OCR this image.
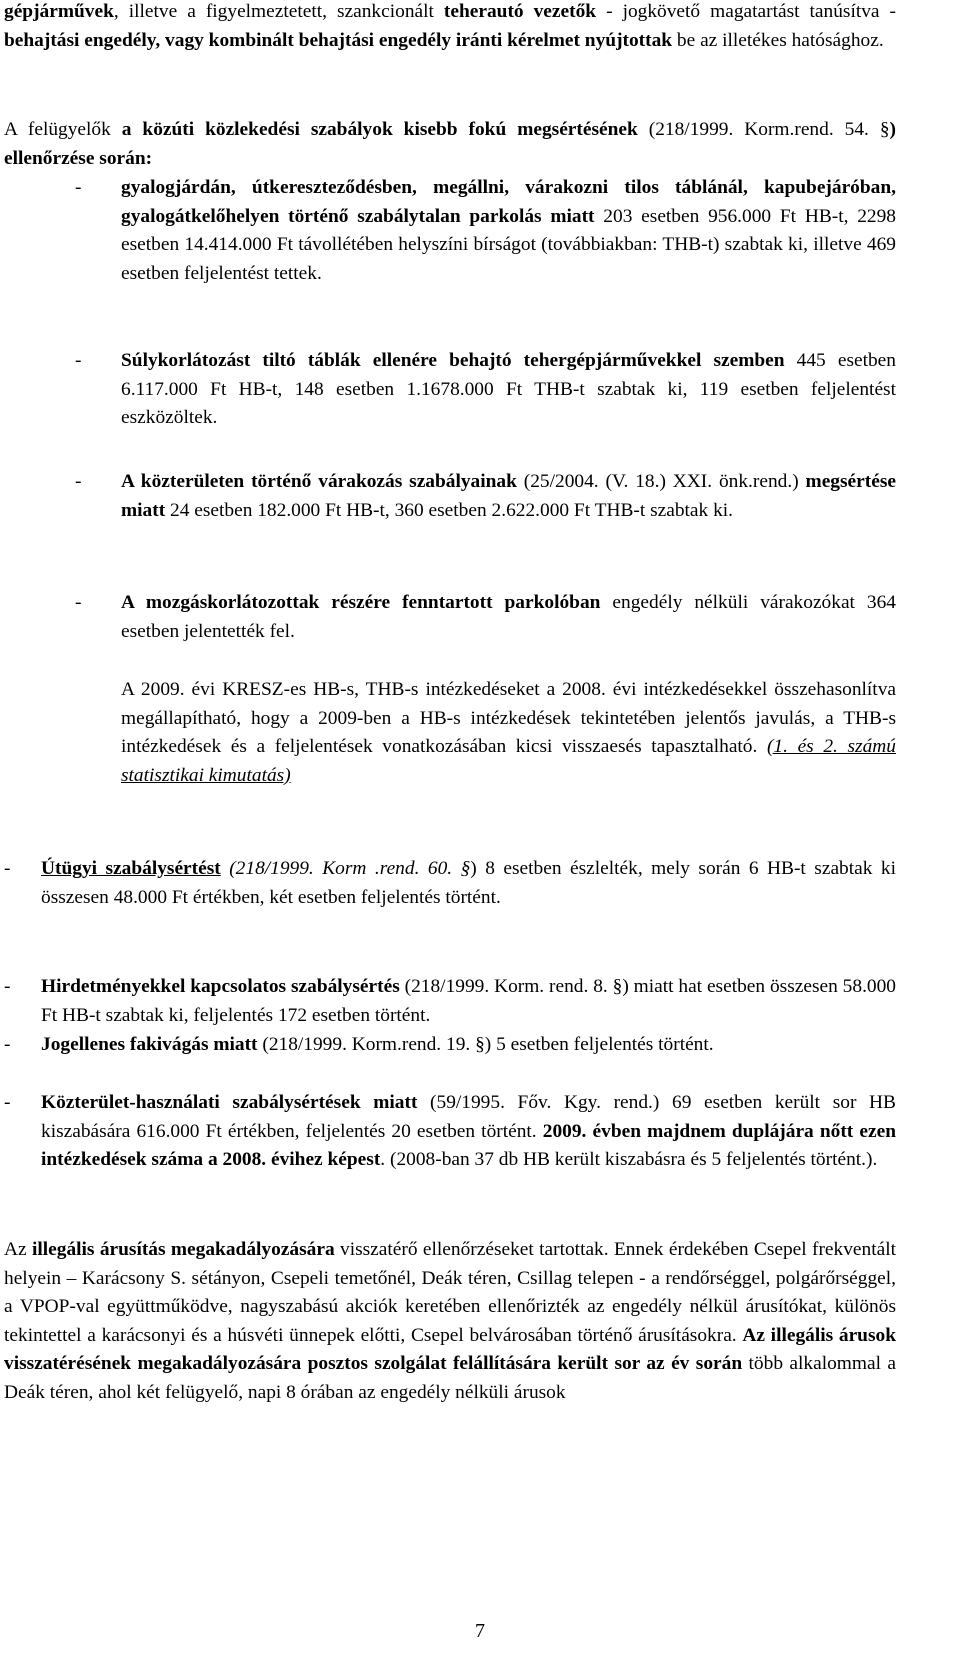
gépjárművek, illetve a figyelmeztetett, szankcionált teherautó vezetők - jogkövető magatartást tanúsítva - behajtási engedély, vagy kombinált behajtási engedély iránti kérelmet nyújtottak be az illetékes hatósághoz.

A felügyelők a közúti közlekedési szabályok kisebb fokú megsértésének (218/1999. Korm.rend. 54. §) ellenőrzése során:

- gyalogjárdán, útkereszteződésben, megállni, várakozni tilos táblánál, kapubejáróban, gyalogátkelőhelyen történő szabálytalan parkolás miatt 203 esetben 956.000 Ft HB-t, 2298 esetben 14.414.000 Ft távollétében helyszíni bírságot (továbbiakban: THB-t) szabtak ki, illetve 469 esetben feljelentést tettek.

- Súlykorlátozást tiltó táblák ellenére behajtó tehergépjárművekkel szemben 445 esetben 6.117.000 Ft HB-t, 148 esetben 1.1678.000 Ft THB-t szabtak ki, 119 esetben feljelentést eszközöltek.

- A közterületen történő várakozás szabályainak (25/2004. (V. 18.) XXI. önk.rend.) megsértése miatt 24 esetben 182.000 Ft HB-t, 360 esetben 2.622.000 Ft THB-t szabtak ki.

- A mozgáskorlátozottak részére fenntartott parkolóban engedély nélküli várakozókat 364 esetben jelentették fel.

A 2009. évi KRESZ-es HB-s, THB-s intézkedéseket a 2008. évi intézkedésekkel összehasonlítva megállapítható, hogy a 2009-ben a HB-s intézkedések tekintetében jelentős javulás, a THB-s intézkedések és a feljelentések vonatkozásában kicsi visszaesés tapasztalható. (1. és 2. számú statisztikai kimutatás)

- Útügyi szabálysértést (218/1999. Korm .rend. 60. §) 8 esetben észlelték, mely során 6 HB-t szabtak ki összesen 48.000 Ft értékben, két esetben feljelentés történt.

- Hirdetményekkel kapcsolatos szabálysértés (218/1999. Korm. rend. 8. §) miatt hat esetben összesen 58.000 Ft HB-t szabtak ki, feljelentés 172 esetben történt.

- Jogellenes fakivágás miatt (218/1999. Korm.rend. 19. §) 5 esetben feljelentés történt.

- Közterület-használati szabálysértések miatt (59/1995. Főv. Kgy. rend.) 69 esetben került sor HB kiszabására 616.000 Ft értékben, feljelentés 20 esetben történt. 2009. évben majdnem duplájára nőtt ezen intézkedések száma a 2008. évihez képest. (2008-ban 37 db HB került kiszabásra és 5 feljelentés történt.).

Az illegális árusítás megakadályozására visszatérő ellenőrzéseket tartottak. Ennek érdekében Csepel frekventált helyein – Karácsony S. sétányon, Csepeli temetőnél, Deák téren, Csillag telepen - a rendőrséggel, polgárőrséggel, a VPOP-val együttműködve, nagyszabású akciók keretében ellenőrizték az engedély nélkül árusítókat, különös tekintettel a karácsonyi és a húsvéti ünnepek előtti, Csepel belvárosában történő árusításokra. Az illegális árusok visszatérésének megakadályozására posztos szolgálat felállítására került sor az év során több alkalommal a Deák téren, ahol két felügyelő, napi 8 órában az engedély nélküli árusok

7
